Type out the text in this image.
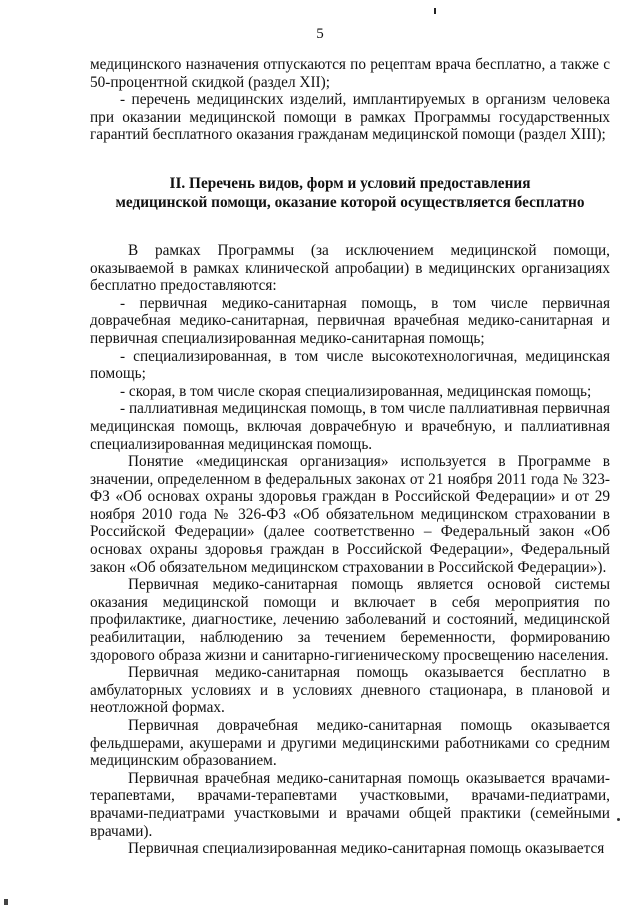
5

медицинского назначения отпускаются по рецептам врача бесплатно, а также с 50-процентной скидкой (раздел XII);

- перечень медицинских изделий, имплантируемых в организм человека при оказании медицинской помощи в рамках Программы государственных гарантий бесплатного оказания гражданам медицинской помощи (раздел XIII);

II. Перечень видов, форм и условий предоставления
медицинской помощи, оказание которой осуществляется бесплатно

В рамках Программы (за исключением медицинской помощи, оказываемой в рамках клинической апробации) в медицинских организациях бесплатно предоставляются:

- первичная медико-санитарная помощь, в том числе первичная доврачебная медико-санитарная, первичная врачебная медико-санитарная и первичная специализированная медико-санитарная помощь;

- специализированная, в том числе высокотехнологичная, медицинская помощь;

- скорая, в том числе скорая специализированная, медицинская помощь;

- паллиативная медицинская помощь, в том числе паллиативная первичная медицинская помощь, включая доврачебную и врачебную, и паллиативная специализированная медицинская помощь.

Понятие «медицинская организация» используется в Программе в значении, определенном в федеральных законах от 21 ноября 2011 года № 323-ФЗ «Об основах охраны здоровья граждан в Российской Федерации» и от 29 ноября 2010 года № 326-ФЗ «Об обязательном медицинском страховании в Российской Федерации» (далее соответственно – Федеральный закон «Об основах охраны здоровья граждан в Российской Федерации», Федеральный закон «Об обязательном медицинском страховании в Российской Федерации»).

Первичная медико-санитарная помощь является основой системы оказания медицинской помощи и включает в себя мероприятия по профилактике, диагностике, лечению заболеваний и состояний, медицинской реабилитации, наблюдению за течением беременности, формированию здорового образа жизни и санитарно-гигиеническому просвещению населения.

Первичная медико-санитарная помощь оказывается бесплатно в амбулаторных условиях и в условиях дневного стационара, в плановой и неотложной формах.

Первичная доврачебная медико-санитарная помощь оказывается фельдшерами, акушерами и другими медицинскими работниками со средним медицинским образованием.

Первичная врачебная медико-санитарная помощь оказывается врачами-терапевтами, врачами-терапевтами участковыми, врачами-педиатрами, врачами-педиатрами участковыми и врачами общей практики (семейными врачами).

Первичная специализированная медико-санитарная помощь оказывается
